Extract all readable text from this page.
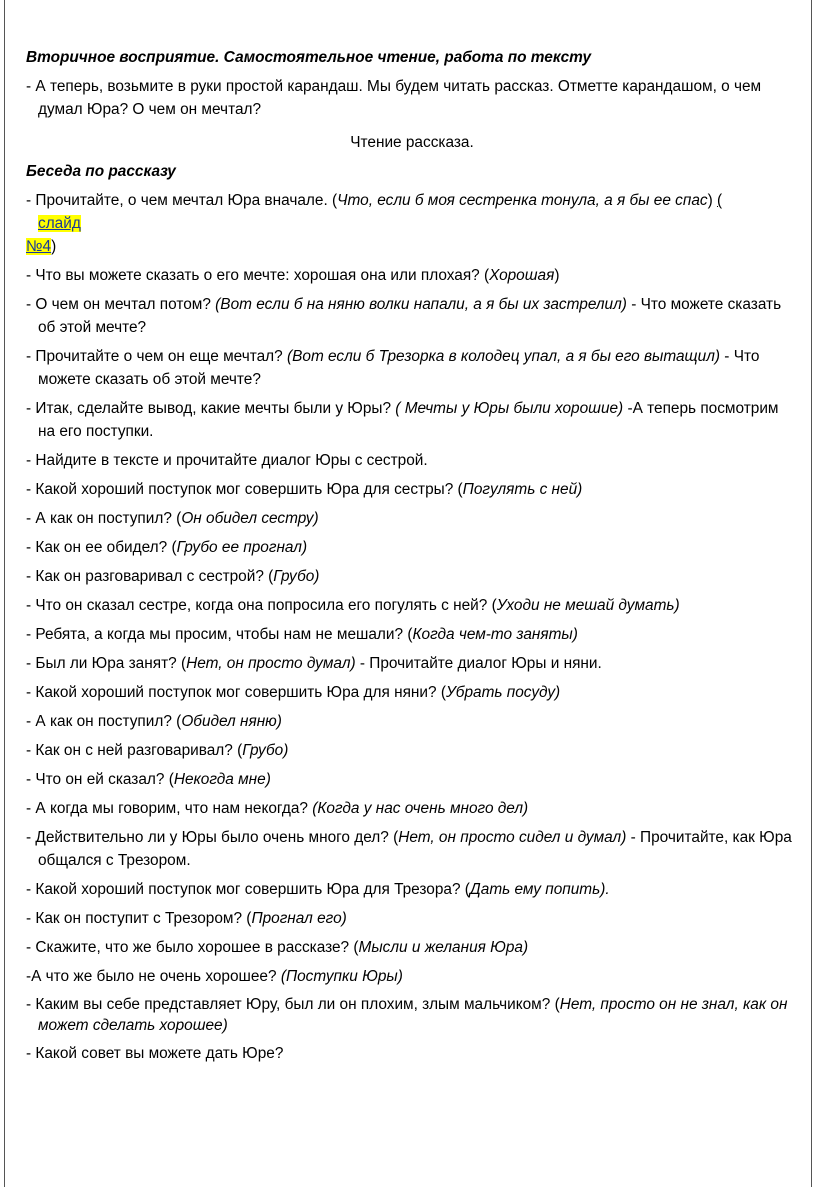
Вторичное восприятие. Самостоятельное чтение, работа по тексту

- А теперь, возьмите в руки простой карандаш. Мы будем читать рассказ. Отметте карандашом, о чем думал Юра? О чем он мечтал?

Чтение рассказа.

Беседа по рассказу

- Прочитайте, о чем мечтал Юра вначале. (Что, если б моя сестренка тонула, а я бы ее спас) (
слайд

№4)

- Что вы можете сказать о его мечте: хорошая она или плохая? (Хорошая)

- О чем он мечтал потом? (Вот если б на няню волки напали, а я бы их застрелил) - Что можете сказать об этой мечте?

- Прочитайте о чем он еще мечтал? (Вот если б Трезорка в колодец упал, а я бы его вытащил) - Что можете сказать об этой мечте?

- Итак, сделайте вывод, какие мечты были у Юры? ( Мечты у Юры были хорошие) -А теперь посмотрим на его поступки.

- Найдите в тексте и прочитайте диалог Юры с сестрой.

- Какой хороший поступок мог совершить Юра для сестры? (Погулять с ней)

- А как он поступил? (Он обидел сестру)

- Как он ее обидел? (Грубо ее прогнал)

- Как он разговаривал с сестрой? (Грубо)

- Что он сказал сестре, когда она попросила его погулять с ней? (Уходи не мешай думать)

- Ребята, а когда мы просим, чтобы нам не мешали? (Когда чем-то заняты)

- Был ли Юра занят? (Нет, он просто думал) - Прочитайте диалог Юры и няни.

- Какой хороший поступок мог совершить Юра для няни? (Убрать посуду)

- А как он поступил? (Обидел няню)

- Как он с ней разговаривал? (Грубо)

- Что он ей сказал? (Некогда мне)

- А когда мы говорим, что нам некогда? (Когда у нас очень много дел)

- Действительно ли у Юры было очень много дел? (Нет, он просто сидел и думал) - Прочитайте, как Юра общался с Трезором.

- Какой хороший поступок мог совершить Юра для Трезора? (Дать ему попить).

- Как он поступит с Трезором? (Прогнал его)

- Скажите, что же было хорошее в рассказе? (Мысли и желания Юра)

-А что же было не очень хорошее? (Поступки Юры)

- Каким вы себе представляет Юру, был ли он плохим, злым мальчиком? (Нет, просто он не знал, как он может сделать хорошее)

- Какой совет вы можете дать Юре?
